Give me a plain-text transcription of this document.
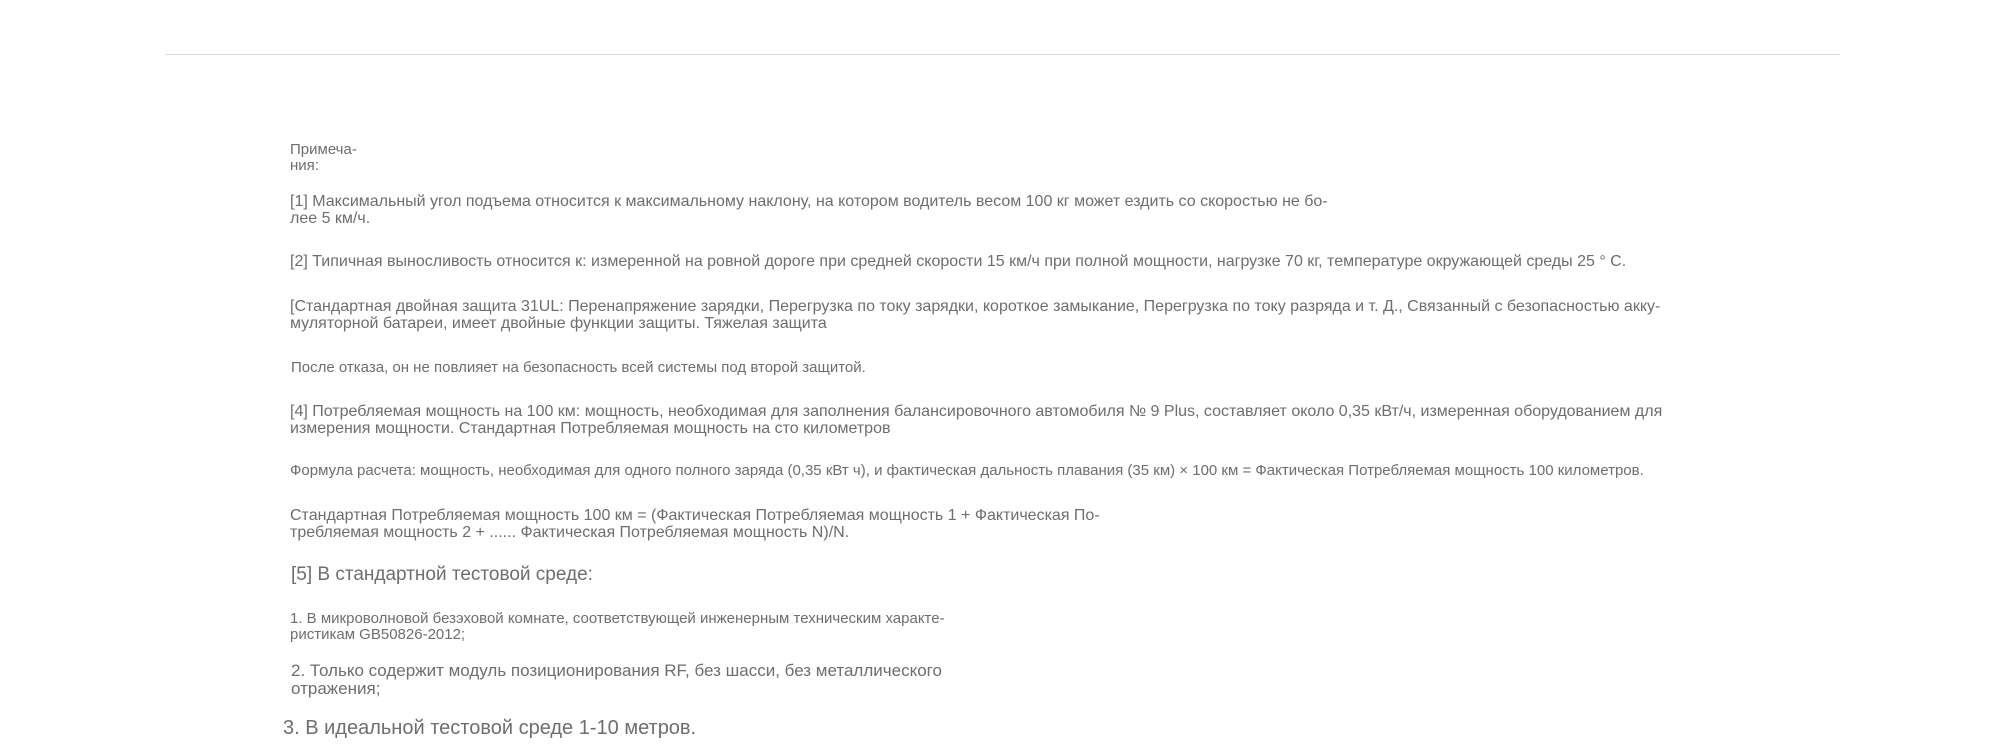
Примеча-
ния:

[1] Максимальный угол подъема относится к максимальному наклону, на котором водитель весом 100 кг может ездить со скоростью не бо-
лее 5 км/ч.

[2] Типичная выносливость относится к: измеренной на ровной дороге при средней скорости 15 км/ч при полной мощности, нагрузке 70 кг, температуре окружающей среды 25 ° C.

[Стандартная двойная защита 31UL: Перенапряжение зарядки, Перегрузка по току зарядки, короткое замыкание, Перегрузка по току разряда и т. Д., Связанный с безопасностью акку-
муляторной батареи, имеет двойные функции защиты. Тяжелая защита

После отказа, он не повлияет на безопасность всей системы под второй защитой.

[4] Потребляемая мощность на 100 км: мощность, необходимая для заполнения балансировочного автомобиля № 9 Plus, составляет около 0,35 кВт/ч, измеренная оборудованием для
измерения мощности. Стандартная Потребляемая мощность на сто километров

Формула расчета: мощность, необходимая для одного полного заряда (0,35 кВт ч), и фактическая дальность плавания (35 км) × 100 км = Фактическая Потребляемая мощность 100 километров.

Стандартная Потребляемая мощность 100 км = (Фактическая Потребляемая мощность 1 + Фактическая По-
требляемая мощность 2 + ...... Фактическая Потребляемая мощность N)/N.

[5] В стандартной тестовой среде:

1. В микроволновой безэховой комнате, соответствующей инженерным техническим характе-
ристикам GB50826-2012;

2. Только содержит модуль позиционирования RF, без шасси, без металлического
отражения;

3. В идеальной тестовой среде 1-10 метров.
